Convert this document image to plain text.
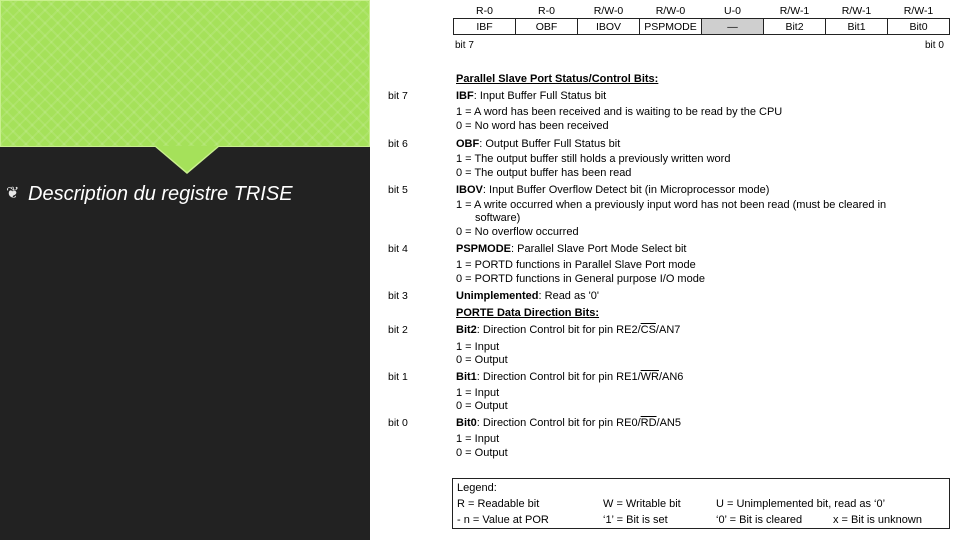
❦ Description du registre TRISE
R-0	R-0	R/W-0	R/W-0	U-0	R/W-1	R/W-1	R/W-1
IBF	OBF	IBOV	PSPMODE	—	Bit2	Bit1	Bit0
bit 7	bit 0
Parallel Slave Port Status/Control Bits:
bit 7	IBF: Input Buffer Full Status bit
1 = A word has been received and is waiting to be read by the CPU
0 = No word has been received
bit 6	OBF: Output Buffer Full Status bit
1 = The output buffer still holds a previously written word
0 = The output buffer has been read
bit 5	IBOV: Input Buffer Overflow Detect bit (in Microprocessor mode)
1 = A write occurred when a previously input word has not been read (must be cleared in
software)
0 = No overflow occurred
bit 4	PSPMODE: Parallel Slave Port Mode Select bit
1 = PORTD functions in Parallel Slave Port mode
0 = PORTD functions in General purpose I/O mode
bit 3	Unimplemented: Read as '0'
PORTE Data Direction Bits:
bit 2	Bit2: Direction Control bit for pin $RE2/\overline{CS}/AN7$
1 = Input
0 = Output
bit 1	Bit1: Direction Control bit for pin $RE1/\overline{WR}/AN6$
1 = Input
0 = Output
bit 0	Bit0: Direction Control bit for pin $RE0/\overline{RD}/AN5$
1 = Input
0 = Output
Legend:
R = Readable bit	W = Writable bit	U = Unimplemented bit, read as ‘0’
- n = Value at POR	‘1’ = Bit is set	‘0’ = Bit is cleared	x = Bit is unknown
